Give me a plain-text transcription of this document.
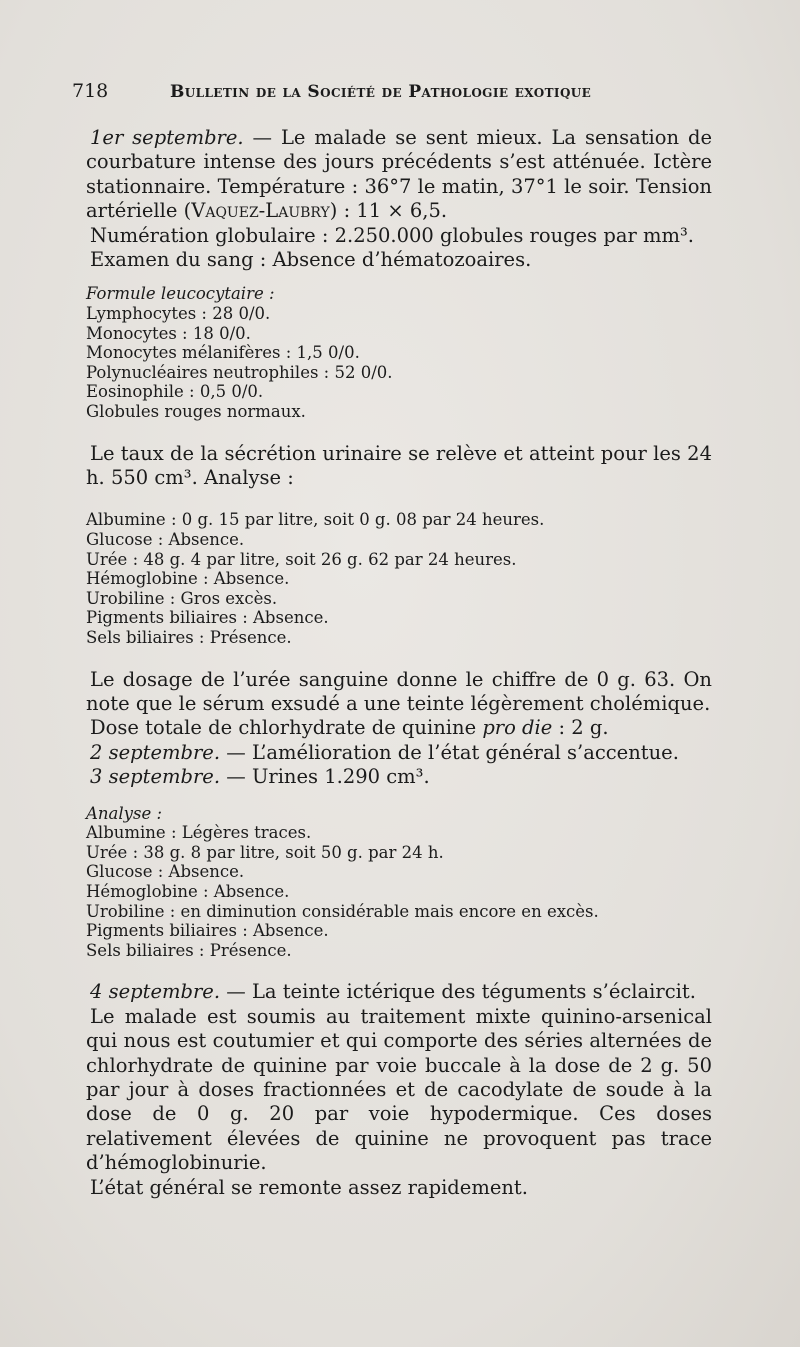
718	Bulletin de la Société de Pathologie exotique

1er septembre. — Le malade se sent mieux. La sensation de courbature intense des jours précédents s’est atténuée. Ictère stationnaire. Température : 36°7 le matin, 37°1 le soir. Tension artérielle (Vaquez-Laubry) : 11 × 6,5.

Numération globulaire : 2.250.000 globules rouges par mm³.

Examen du sang : Absence d’hématozoaires.

Formule leucocytaire :
Lymphocytes : 28 0/0.
Monocytes : 18 0/0.
Monocytes mélanifères : 1,5 0/0.
Polynucléaires neutrophiles : 52 0/0.
Eosinophile : 0,5 0/0.
Globules rouges normaux.

Le taux de la sécrétion urinaire se relève et atteint pour les 24 h. 550 cm³. Analyse :

Albumine : 0 g. 15 par litre, soit 0 g. 08 par 24 heures.
Glucose : Absence.
Urée : 48 g. 4 par litre, soit 26 g. 62 par 24 heures.
Hémoglobine : Absence.
Urobiline : Gros excès.
Pigments biliaires : Absence.
Sels biliaires : Présence.

Le dosage de l’urée sanguine donne le chiffre de 0 g. 63. On note que le sérum exsudé a une teinte légèrement cholémique.

Dose totale de chlorhydrate de quinine pro die : 2 g.

2 septembre. — L’amélioration de l’état général s’accentue.

3 septembre. — Urines 1.290 cm³.

Analyse :
Albumine : Légères traces.
Urée : 38 g. 8 par litre, soit 50 g. par 24 h.
Glucose : Absence.
Hémoglobine : Absence.
Urobiline : en diminution considérable mais encore en excès.
Pigments biliaires : Absence.
Sels biliaires : Présence.

4 septembre. — La teinte ictérique des téguments s’éclaircit.

Le malade est soumis au traitement mixte quinino-arsenical qui nous est coutumier et qui comporte des séries alternées de chlorhydrate de quinine par voie buccale à la dose de 2 g. 50 par jour à doses fractionnées et de cacodylate de soude à la dose de 0 g. 20 par voie hypodermique. Ces doses relativement élevées de quinine ne provoquent pas trace d’hémoglobinurie.

L’état général se remonte assez rapidement.
